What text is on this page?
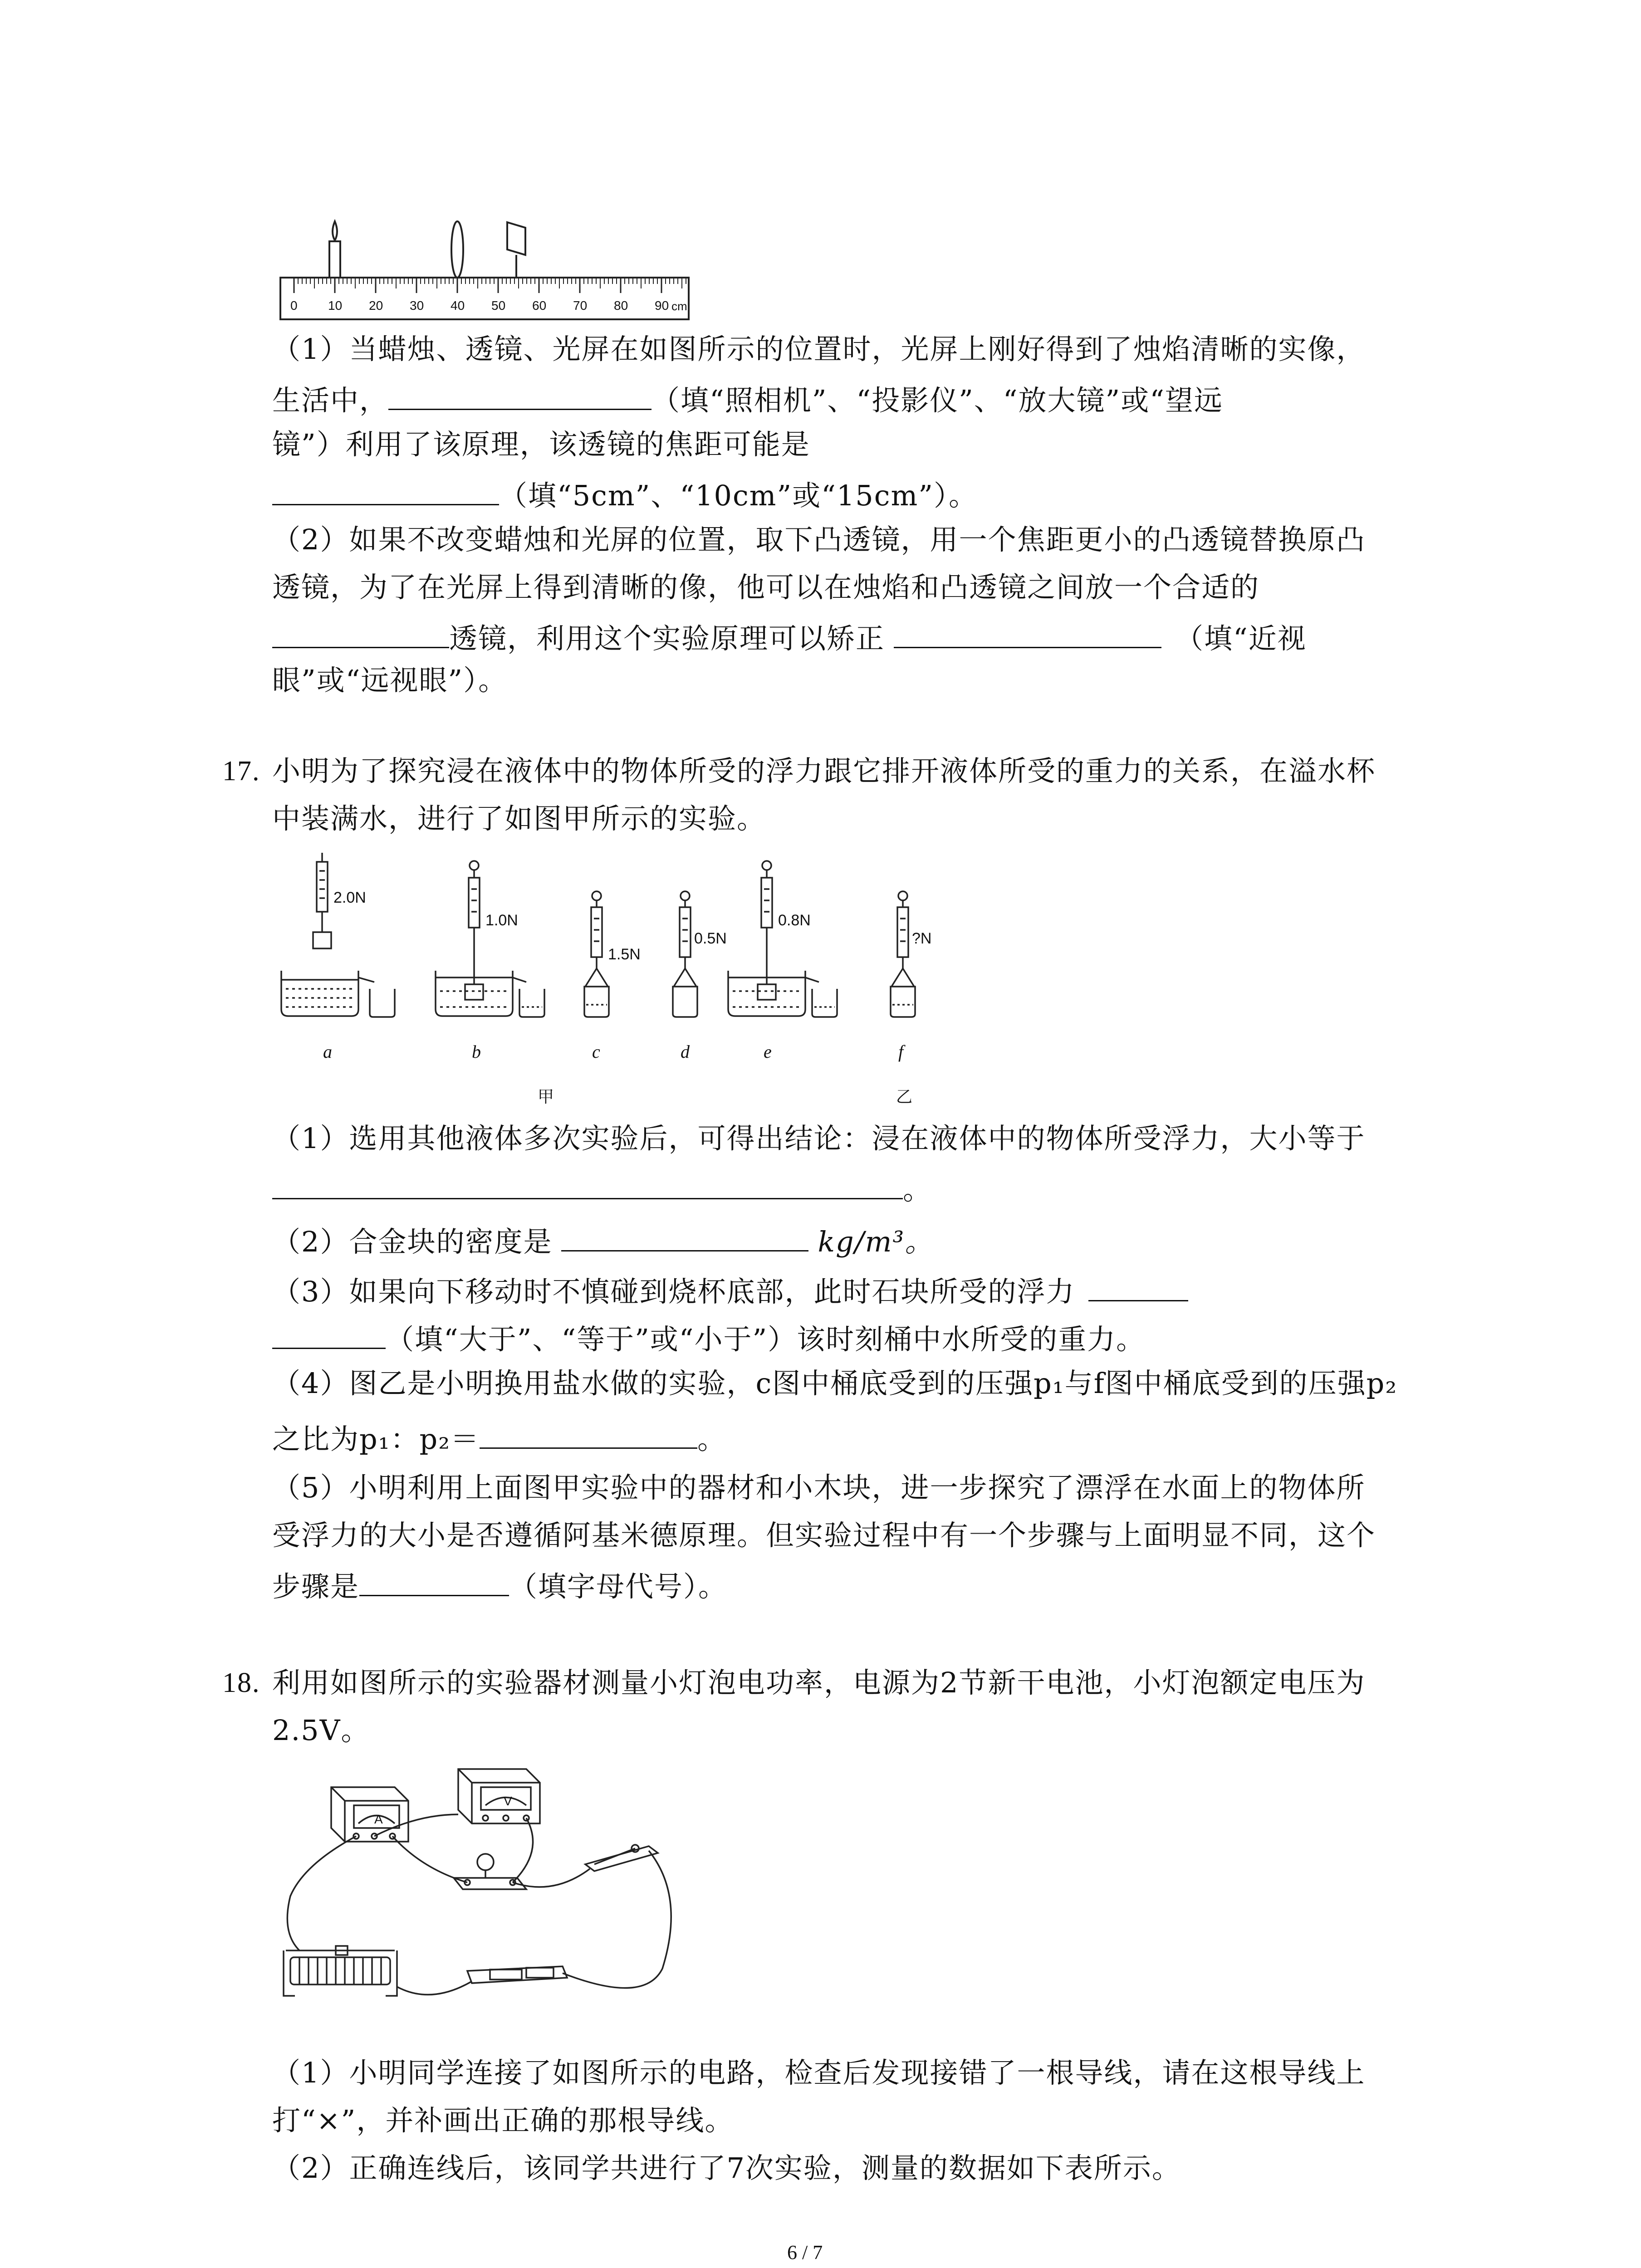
0 10 20 30 40 50 60 70 80 90 cm
（1）当蜡烛、透镜、光屏在如图所示的位置时，光屏上刚好得到了烛焰清晰的实像，
生活中，	（填“照相机”、“投影仪”、“放大镜”或“望远
镜”）利用了该原理，该透镜的焦距可能是
（填“5cm”、“10cm”或“15cm”）。
（2）如果不改变蜡烛和光屏的位置，取下凸透镜，用一个焦距更小的凸透镜替换原凸
透镜，为了在光屏上得到清晰的像，他可以在烛焰和凸透镜之间放一个合适的
透镜，利用这个实验原理可以矫正	（填“近视
眼”或“远视眼”）。
17. 小明为了探究浸在液体中的物体所受的浮力跟它排开液体所受的重力的关系，在溢水杯
中装满水，进行了如图甲所示的实验。
2.0N
1.0N
1.5N
0.5N
0.8N
?N
a	b	c	d	e	f
甲	乙
（1）选用其他液体多次实验后，可得出结论：浸在液体中的物体所受浮力，大小等于
。
（2）合金块的密度是	kg/m³。
（3）如果向下移动时不慎碰到烧杯底部，此时石块所受的浮力
（填“大于”、“等于”或“小于”）该时刻桶中水所受的重力。
（4）图乙是小明换用盐水做的实验，c图中桶底受到的压强p₁与f图中桶底受到的压强p₂
之比为p₁：p₂＝	。
（5）小明利用上面图甲实验中的器材和小木块，进一步探究了漂浮在水面上的物体所
受浮力的大小是否遵循阿基米德原理。但实验过程中有一个步骤与上面明显不同，这个
步骤是	（填字母代号）。
18. 利用如图所示的实验器材测量小灯泡电功率，电源为2节新干电池，小灯泡额定电压为
2.5V。
A
V
（1）小明同学连接了如图所示的电路，检查后发现接错了一根导线，请在这根导线上
打“×”，并补画出正确的那根导线。
（2）正确连线后，该同学共进行了7次实验，测量的数据如下表所示。
6 / 7
